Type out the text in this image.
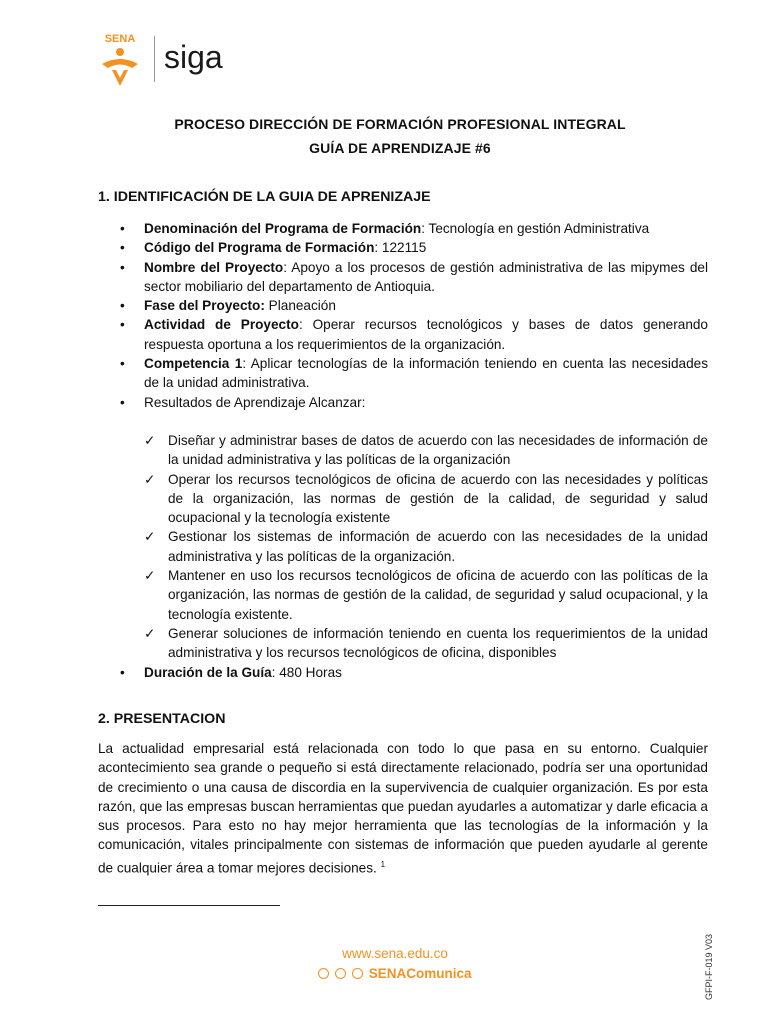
SENA siga
PROCESO DIRECCIÓN DE FORMACIÓN PROFESIONAL INTEGRAL
GUÍA DE APRENDIZAJE #6
1. IDENTIFICACIÓN DE LA GUIA DE APRENIZAJE
• Denominación del Programa de Formación: Tecnología en gestión Administrativa
• Código del Programa de Formación: 122115
• Nombre del Proyecto: Apoyo a los procesos de gestión administrativa de las mipymes del sector mobiliario del departamento de Antioquia.
• Fase del Proyecto: Planeación
• Actividad de Proyecto: Operar recursos tecnológicos y bases de datos generando respuesta oportuna a los requerimientos de la organización.
• Competencia 1: Aplicar tecnologías de la información teniendo en cuenta las necesidades de la unidad administrativa.
• Resultados de Aprendizaje Alcanzar:
✓ Diseñar y administrar bases de datos de acuerdo con las necesidades de información de la unidad administrativa y las políticas de la organización
✓ Operar los recursos tecnológicos de oficina de acuerdo con las necesidades y políticas de la organización, las normas de gestión de la calidad, de seguridad y salud ocupacional y la tecnología existente
✓ Gestionar los sistemas de información de acuerdo con las necesidades de la unidad administrativa y las políticas de la organización.
✓ Mantener en uso los recursos tecnológicos de oficina de acuerdo con las políticas de la organización, las normas de gestión de la calidad, de seguridad y salud ocupacional, y la tecnología existente.
✓ Generar soluciones de información teniendo en cuenta los requerimientos de la unidad administrativa y los recursos tecnológicos de oficina, disponibles
• Duración de la Guía: 480 Horas
2. PRESENTACION

La actualidad empresarial está relacionada con todo lo que pasa en su entorno. Cualquier acontecimiento sea grande o pequeño si está directamente relacionado, podría ser una oportunidad de crecimiento o una causa de discordia en la supervivencia de cualquier organización. Es por esta razón, que las empresas buscan herramientas que puedan ayudarles a automatizar y darle eficacia a sus procesos. Para esto no hay mejor herramienta que las tecnologías de la información y la comunicación, vitales principalmente con sistemas de información que pueden ayudarle al gerente de cualquier área a tomar mejores decisiones. $^1$

www.sena.edu.co
SENAComunica	GFPI-F-019 V03
